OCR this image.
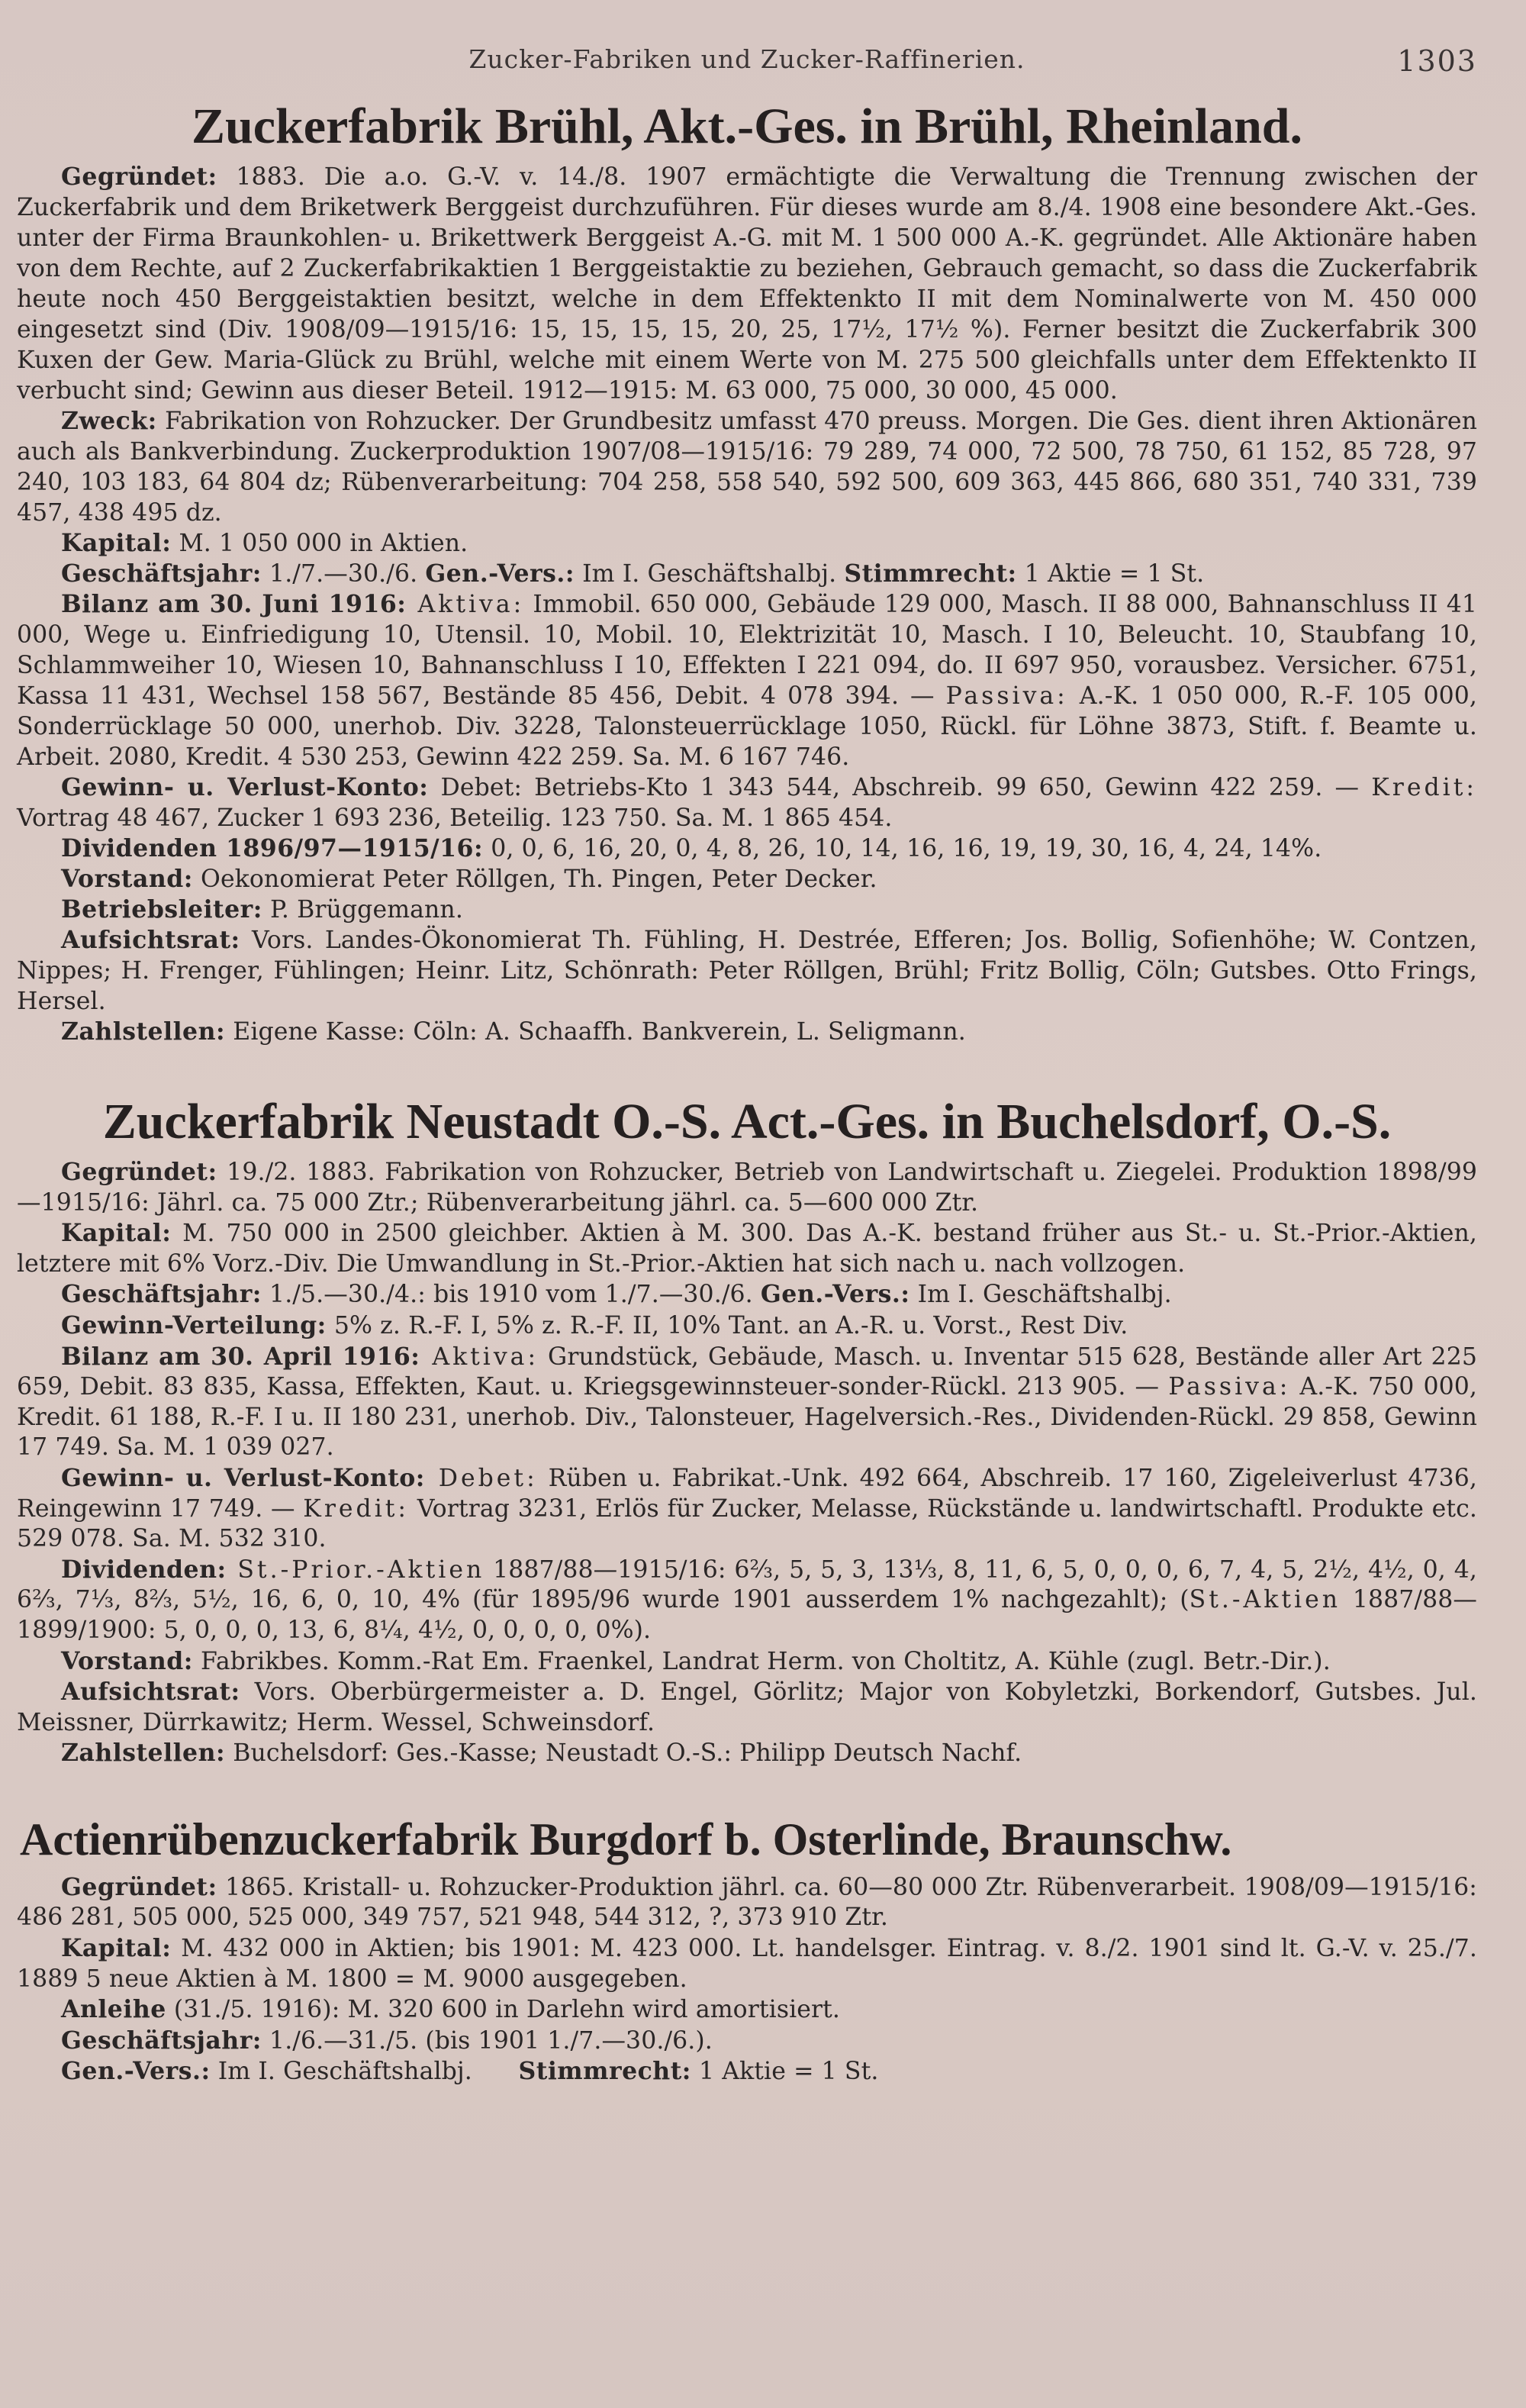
Zucker-Fabriken und Zucker-Raffinerien.	1303
Zuckerfabrik Brühl, Akt.-Ges. in Brühl, Rheinland.

Gegründet: 1883. Die a.o. G.-V. v. 14./8. 1907 ermächtigte die Verwaltung die Trennung zwischen der Zuckerfabrik und dem Briketwerk Berggeist durchzuführen. Für dieses wurde am 8./4. 1908 eine besondere Akt.-Ges. unter der Firma Braunkohlen- u. Brikettwerk Berggeist A.-G. mit M. 1 500 000 A.-K. gegründet. Alle Aktionäre haben von dem Rechte, auf 2 Zuckerfabrikaktien 1 Berggeistaktie zu beziehen, Gebrauch gemacht, so dass die Zuckerfabrik heute noch 450 Berggeistaktien besitzt, welche in dem Effektenkto II mit dem Nominalwerte von M. 450 000 eingesetzt sind (Div. 1908/09—1915/16: 15, 15, 15, 15, 20, 25, 17½, 17½ %). Ferner besitzt die Zuckerfabrik 300 Kuxen der Gew. Maria-Glück zu Brühl, welche mit einem Werte von M. 275 500 gleichfalls unter dem Effektenkto II verbucht sind; Gewinn aus dieser Beteil. 1912—1915: M. 63 000, 75 000, 30 000, 45 000.

Zweck: Fabrikation von Rohzucker. Der Grundbesitz umfasst 470 preuss. Morgen. Die Ges. dient ihren Aktionären auch als Bankverbindung. Zuckerproduktion 1907/08—1915/16: 79 289, 74 000, 72 500, 78 750, 61 152, 85 728, 97 240, 103 183, 64 804 dz; Rübenverarbeitung: 704 258, 558 540, 592 500, 609 363, 445 866, 680 351, 740 331, 739 457, 438 495 dz.

Kapital: M. 1 050 000 in Aktien.

Geschäftsjahr: 1./7.—30./6. Gen.-Vers.: Im I. Geschäftshalbj. Stimmrecht: 1 Aktie = 1 St.

Bilanz am 30. Juni 1916: Aktiva: Immobil. 650 000, Gebäude 129 000, Masch. II 88 000, Bahnanschluss II 41 000, Wege u. Einfriedigung 10, Utensil. 10, Mobil. 10, Elektrizität 10, Masch. I 10, Beleucht. 10, Staubfang 10, Schlammweiher 10, Wiesen 10, Bahnanschluss I 10, Effekten I 221 094, do. II 697 950, vorausbez. Versicher. 6751, Kassa 11 431, Wechsel 158 567, Bestände 85 456, Debit. 4 078 394. — Passiva: A.-K. 1 050 000, R.-F. 105 000, Sonderrücklage 50 000, unerhob. Div. 3228, Talonsteuerrücklage 1050, Rückl. für Löhne 3873, Stift. f. Beamte u. Arbeit. 2080, Kredit. 4 530 253, Gewinn 422 259. Sa. M. 6 167 746.

Gewinn- u. Verlust-Konto: Debet: Betriebs-Kto 1 343 544, Abschreib. 99 650, Gewinn 422 259. — Kredit: Vortrag 48 467, Zucker 1 693 236, Beteilig. 123 750. Sa. M. 1 865 454.

Dividenden 1896/97—1915/16: 0, 0, 6, 16, 20, 0, 4, 8, 26, 10, 14, 16, 16, 19, 19, 30, 16, 4, 24, 14%.

Vorstand: Oekonomierat Peter Röllgen, Th. Pingen, Peter Decker.

Betriebsleiter: P. Brüggemann.

Aufsichtsrat: Vors. Landes-Ökonomierat Th. Fühling, H. Destrée, Efferen; Jos. Bollig, Sofienhöhe; W. Contzen, Nippes; H. Frenger, Fühlingen; Heinr. Litz, Schönrath: Peter Röllgen, Brühl; Fritz Bollig, Cöln; Gutsbes. Otto Frings, Hersel.

Zahlstellen: Eigene Kasse: Cöln: A. Schaaffh. Bankverein, L. Seligmann.

Zuckerfabrik Neustadt O.-S. Act.-Ges. in Buchelsdorf, O.-S.

Gegründet: 19./2. 1883. Fabrikation von Rohzucker, Betrieb von Landwirtschaft u. Ziegelei. Produktion 1898/99—1915/16: Jährl. ca. 75 000 Ztr.; Rübenverarbeitung jährl. ca. 5—600 000 Ztr.

Kapital: M. 750 000 in 2500 gleichber. Aktien à M. 300. Das A.-K. bestand früher aus St.- u. St.-Prior.-Aktien, letztere mit 6% Vorz.-Div. Die Umwandlung in St.-Prior.-Aktien hat sich nach u. nach vollzogen.

Geschäftsjahr: 1./5.—30./4.: bis 1910 vom 1./7.—30./6. Gen.-Vers.: Im I. Geschäftshalbj.

Gewinn-Verteilung: 5% z. R.-F. I, 5% z. R.-F. II, 10% Tant. an A.-R. u. Vorst., Rest Div.

Bilanz am 30. April 1916: Aktiva: Grundstück, Gebäude, Masch. u. Inventar 515 628, Bestände aller Art 225 659, Debit. 83 835, Kassa, Effekten, Kaut. u. Kriegsgewinnsteuer-sonder-Rückl. 213 905. — Passiva: A.-K. 750 000, Kredit. 61 188, R.-F. I u. II 180 231, unerhob. Div., Talonsteuer, Hagelversich.-Res., Dividenden-Rückl. 29 858, Gewinn 17 749. Sa. M. 1 039 027.

Gewinn- u. Verlust-Konto: Debet: Rüben u. Fabrikat.-Unk. 492 664, Abschreib. 17 160, Zigeleiverlust 4736, Reingewinn 17 749. — Kredit: Vortrag 3231, Erlös für Zucker, Melasse, Rückstände u. landwirtschaftl. Produkte etc. 529 078. Sa. M. 532 310.

Dividenden: St.-Prior.-Aktien 1887/88—1915/16: 6⅔, 5, 5, 3, 13⅓, 8, 11, 6, 5, 0, 0, 0, 6, 7, 4, 5, 2½, 4½, 0, 4, 6⅔, 7⅓, 8⅔, 5½, 16, 6, 0, 10, 4% (für 1895/96 wurde 1901 ausserdem 1% nachgezahlt); (St.-Aktien 1887/88—1899/1900: 5, 0, 0, 0, 13, 6, 8¼, 4½, 0, 0, 0, 0, 0%).

Vorstand: Fabrikbes. Komm.-Rat Em. Fraenkel, Landrat Herm. von Choltitz, A. Kühle (zugl. Betr.-Dir.).

Aufsichtsrat: Vors. Oberbürgermeister a. D. Engel, Görlitz; Major von Kobyletzki, Borkendorf, Gutsbes. Jul. Meissner, Dürrkawitz; Herm. Wessel, Schweinsdorf.

Zahlstellen: Buchelsdorf: Ges.-Kasse; Neustadt O.-S.: Philipp Deutsch Nachf.

Actienrübenzuckerfabrik Burgdorf b. Osterlinde, Braunschw.

Gegründet: 1865. Kristall- u. Rohzucker-Produktion jährl. ca. 60—80 000 Ztr. Rübenverarbeit. 1908/09—1915/16: 486 281, 505 000, 525 000, 349 757, 521 948, 544 312, ?, 373 910 Ztr.

Kapital: M. 432 000 in Aktien; bis 1901: M. 423 000. Lt. handelsger. Eintrag. v. 8./2. 1901 sind lt. G.-V. v. 25./7. 1889 5 neue Aktien à M. 1800 = M. 9000 ausgegeben.

Anleihe (31./5. 1916): M. 320 600 in Darlehn wird amortisiert.

Geschäftsjahr: 1./6.—31./5. (bis 1901 1./7.—30./6.).

Gen.-Vers.: Im I. Geschäftshalbj.      Stimmrecht: 1 Aktie = 1 St.
